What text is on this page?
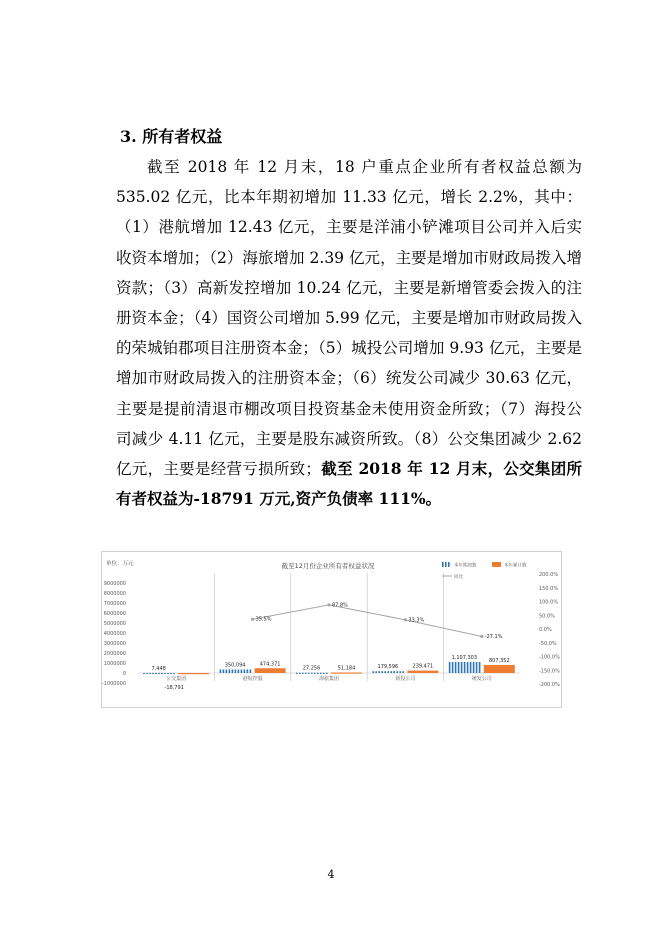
3. 所有者权益

截至 2018 年 12 月末，18 户重点企业所有者权益总额为 535.02 亿元，比本年期初增加 11.33 亿元，增长 2.2%，其中：（1）港航增加 12.43 亿元，主要是洋浦小铲滩项目公司并入后实收资本增加；（2）海旅增加 2.39 亿元，主要是增加市财政局拨入增资款；（3）高新发控增加 10.24 亿元，主要是新增管委会拨入的注册资本金；（4）国资公司增加 5.99 亿元，主要是增加市财政局拨入的荣城铂郡项目注册资本金；（5）城投公司增加 9.93 亿元，主要是增加市财政局拨入的注册资本金；（6）统发公司减少 30.63 亿元，主要是提前清退市棚改项目投资基金未使用资金所致；（7）海投公司减少 4.11 亿元，主要是股东减资所致。（8）公交集团减少 2.62 亿元，主要是经营亏损所致；截至 2018 年 12 月末，公交集团所有者权益为-18791 万元,资产负债率 111%。

截至12月份企业所有者权益状况
单位：万元
9000000
8000000
7000000
6000000
5000000
4000000
3000000
2000000
1000000
0
-1000000
200.0%
150.0%
100.0%
50.0%
0.0%
-50.0%
-100.0%
-150.0%
-200.0%
公交集团	港航控股	海旅集团	新投公司	统发公司
7,448
-18,791
350,094	474,371
27,256	51,184	179,596	239,471
1,107,303 807,352
35.5%
87.8%
33.3%
-27.1%
本年期初数	本年累计数
同比
4
